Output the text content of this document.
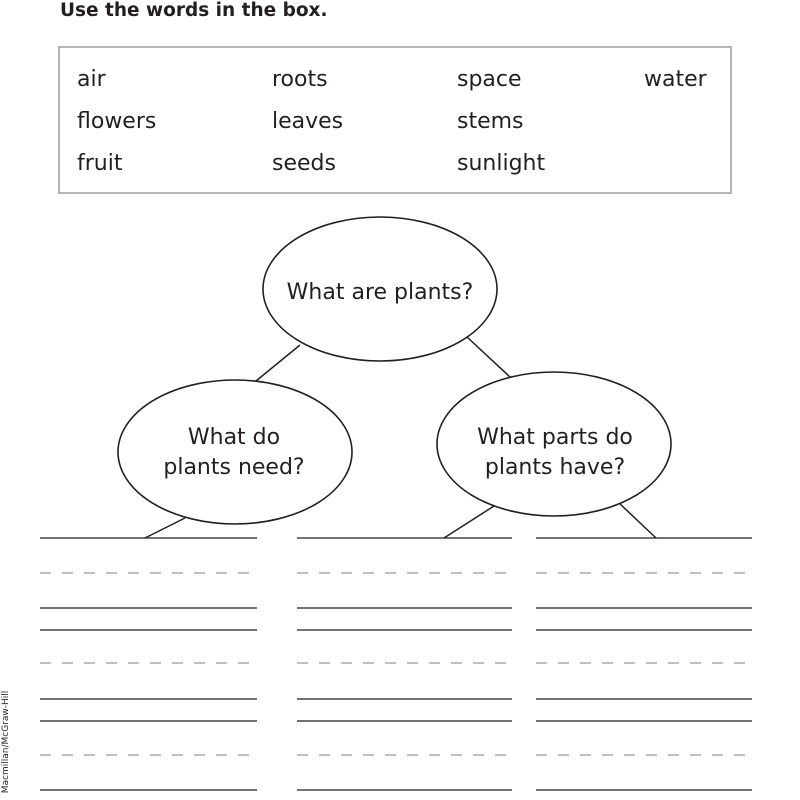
Use the words in the box.
air	roots	space	water
flowers	leaves	stems
fruit	seeds	sunlight
What are plants?
What do
plants need?
What parts do
plants have?
Macmillan/McGraw-Hill
